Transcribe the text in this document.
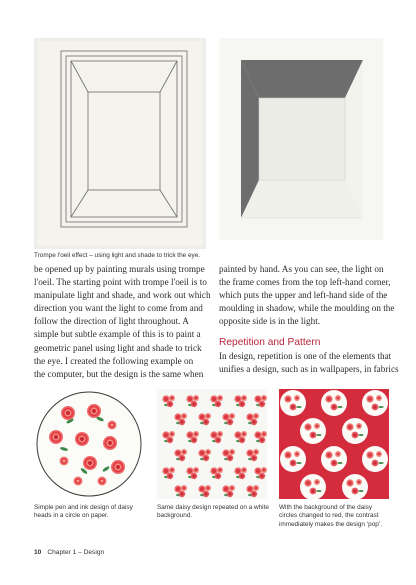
Trompe l'oeil effect – using light and shade to trick the eye.
be opened up by painting murals using trompe
l'oeil. The starting point with trompe l'oeil is to
manipulate light and shade, and work out which
direction you want the light to come from and
follow the direction of light throughout. A
simple but subtle example of this is to paint a
geometric panel using light and shade to trick
the eye. I created the following example on
the computer, but the design is the same when
painted by hand. As you can see, the light on
the frame comes from the top left-hand corner,
which puts the upper and left-hand side of the
moulding in shadow, while the moulding on the
opposite side is in the light.
Repetition and Pattern
In design, repetition is one of the elements that
unifies a design, such as in wallpapers, in fabrics
Simple pen and ink design of daisy heads in a circle on paper.
Same daisy design repeated on a white background.
With the background of the daisy circles changed to red, the contrast immediately makes the design ‘pop’.
10 Chapter 1 – Design
